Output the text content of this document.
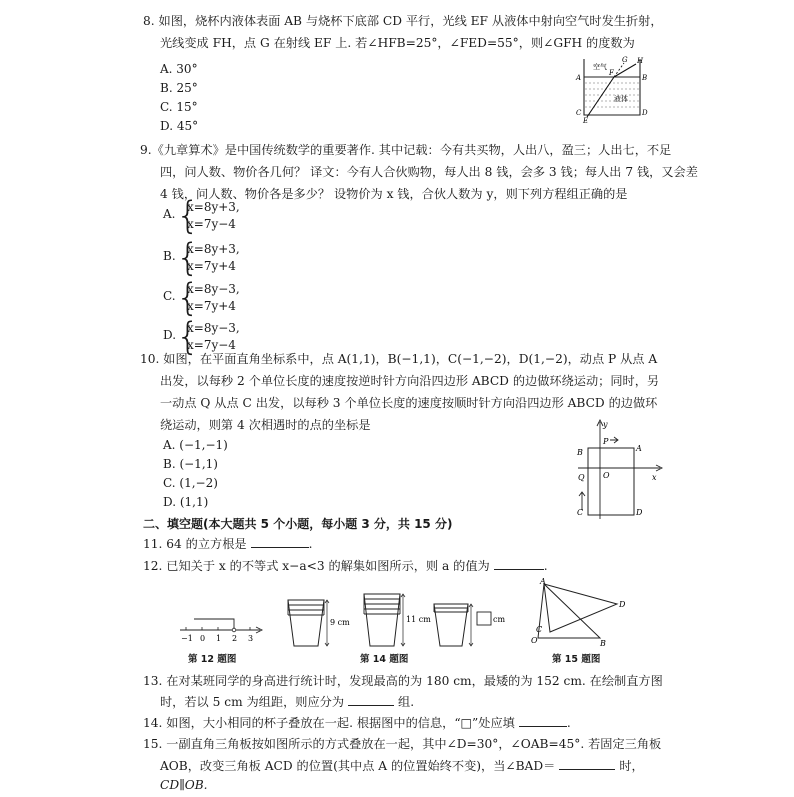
8. 如图，烧杯内液体表面 AB 与烧杯下底部 CD 平行，光线 EF 从液体中射向空气时发生折射，
光线变成 FH，点 G 在射线 EF 上. 若∠HFB=25°，∠FED=55°，则∠GFH 的度数为
A. 30°
B. 25°
C. 15°
D. 45°
空气
液体
A	B
C	D
E
F
G H
9.《九章算术》是中国传统数学的重要著作. 其中记载：今有共买物，人出八，盈三；人出七，不足
四，问人数、物价各几何？ 译文：今有人合伙购物，每人出 8 钱，会多 3 钱；每人出 7 钱，又会差
4 钱，问人数、物价各是多少？ 设物价为 x 钱，合伙人数为 y，则下列方程组正确的是
A. {
x=8y+3,
x=7y−4
B. {
x=8y+3,
x=7y+4
C. {
x=8y−3,
x=7y+4
D. {
x=8y−3,
x=7y−4
10. 如图，在平面直角坐标系中，点 A(1,1)，B(−1,1)，C(−1,−2)，D(1,−2)，动点 P 从点 A
出发，以每秒 2 个单位长度的速度按逆时针方向沿四边形 ABCD 的边做环绕运动；同时，另
一动点 Q 从点 C 出发，以每秒 3 个单位长度的速度按顺时针方向沿四边形 ABCD 的边做环
绕运动，则第 4 次相遇时的点的坐标是
A. (−1,−1)
B. (−1,1)
C. (1,−2)
D. (1,1)
y
P
A
B
O	x
Q
C	D
二、填空题(本大题共 5 个小题，每小题 3 分，共 15 分)
11. 64 的立方根是	.
12. 已知关于 x 的不等式 x−a<3 的解集如图所示，则 a 的值为	.
−1 0 1 2 3
第 12 题图
9 cm	11 cm	cm
第 14 题图
A
D
C
O	B
第 15 题图
13. 在对某班同学的身高进行统计时，发现最高的为 180 cm，最矮的为 152 cm. 在绘制直方图
时，若以 5 cm 为组距，则应分为	组.
14. 如图，大小相同的杯子叠放在一起. 根据图中的信息，“□”处应填	.
15. 一副直角三角板按如图所示的方式叠放在一起，其中∠D=30°，∠OAB=45°. 若固定三角板
AOB，改变三角板 ACD 的位置(其中点 A 的位置始终不变)，当∠BAD＝	时，
CD∥OB.
